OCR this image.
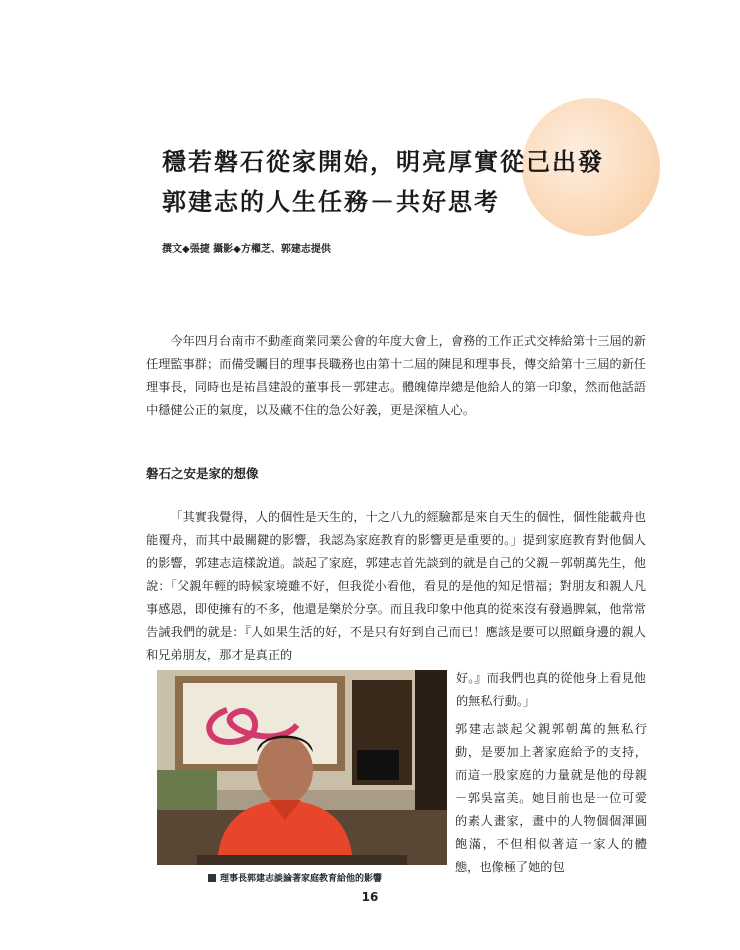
穩若磐石從家開始，明亮厚實從己出發
郭建志的人生任務－共好思考
撰文◆張捷 攝影◆方櫂芝、郭建志提供

今年四月台南市不動產商業同業公會的年度大會上，會務的工作正式交棒給第十三屆的新任理監事群；而備受矚目的理事長職務也由第十二屆的陳昆和理事長，傳交給第十三屆的新任理事長，同時也是祐昌建設的董事長－郭建志。體魄偉岸總是他給人的第一印象，然而他話語中穩健公正的氣度，以及藏不住的急公好義，更是深植人心。

磐石之安是家的想像

「其實我覺得，人的個性是天生的，十之八九的經驗都是來自天生的個性，個性能載舟也能覆舟，而其中最關鍵的影響，我認為家庭教育的影響更是重要的。」提到家庭教育對他個人的影響，郭建志這樣說道。談起了家庭，郭建志首先談到的就是自己的父親－郭朝萬先生，他說：「父親年輕的時候家境雖不好，但我從小看他，看見的是他的知足惜福；對朋友和親人凡事感恩，即使擁有的不多，他還是樂於分享。而且我印象中他真的從來沒有發過脾氣，他常常告誡我們的就是：『人如果生活的好，不是只有好到自己而已！應該是要可以照顧身邊的親人和兄弟朋友，那才是真正的
好。』而我們也真的從他身上看見他的無私行動。」

郭建志談起父親郭朝萬的無私行動，是要加上著家庭給予的支持，而這一股家庭的力量就是他的母親－郭吳富美。她目前也是一位可愛的素人畫家，畫中的人物個個渾圓飽滿，不但相似著這一家人的體態，也像極了她的包

理事長郭建志談論著家庭教育給他的影響
16
